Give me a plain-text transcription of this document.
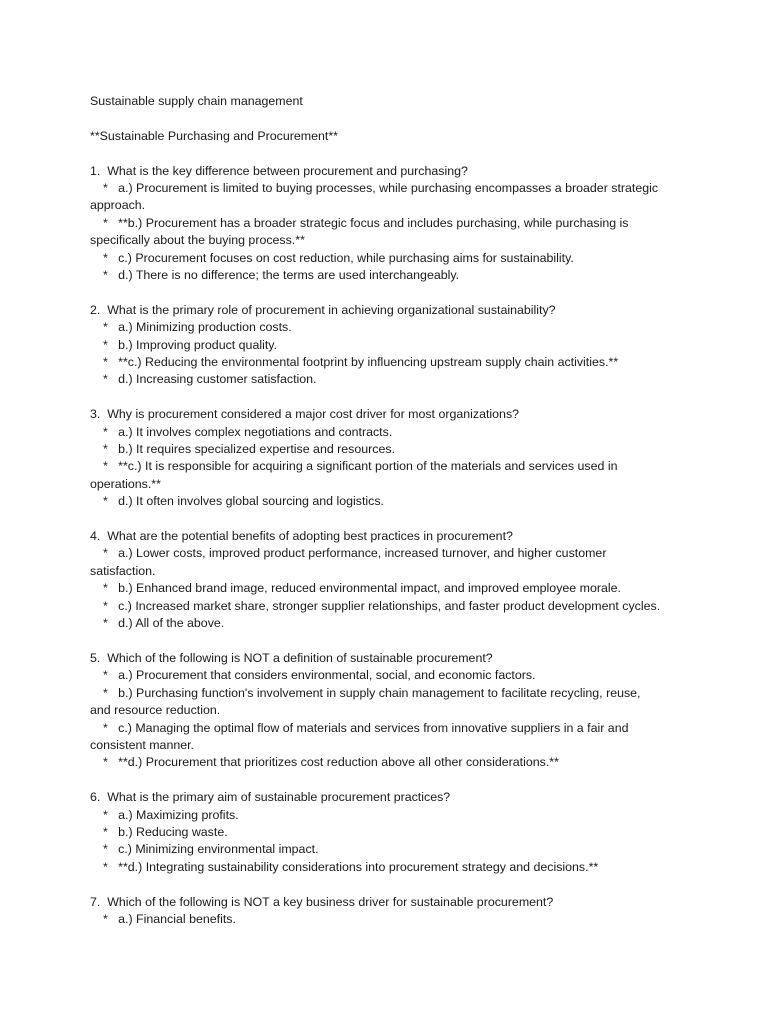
Sustainable supply chain management

**Sustainable Purchasing and Procurement**

1.  What is the key difference between procurement and purchasing?

*   a.) Procurement is limited to buying processes, while purchasing encompasses a broader strategic
approach.

*   **b.) Procurement has a broader strategic focus and includes purchasing, while purchasing is
specifically about the buying process.**

*   c.) Procurement focuses on cost reduction, while purchasing aims for sustainability.

*   d.) There is no difference; the terms are used interchangeably.

2.  What is the primary role of procurement in achieving organizational sustainability?

*   a.) Minimizing production costs.

*   b.) Improving product quality.

*   **c.) Reducing the environmental footprint by influencing upstream supply chain activities.**

*   d.) Increasing customer satisfaction.

3.  Why is procurement considered a major cost driver for most organizations?

*   a.) It involves complex negotiations and contracts.

*   b.) It requires specialized expertise and resources.

*   **c.) It is responsible for acquiring a significant portion of the materials and services used in
operations.**

*   d.) It often involves global sourcing and logistics.

4.  What are the potential benefits of adopting best practices in procurement?

*   a.) Lower costs, improved product performance, increased turnover, and higher customer
satisfaction.

*   b.) Enhanced brand image, reduced environmental impact, and improved employee morale.

*   c.) Increased market share, stronger supplier relationships, and faster product development cycles.

*   d.) All of the above.

5.  Which of the following is NOT a definition of sustainable procurement?

*   a.) Procurement that considers environmental, social, and economic factors.

*   b.) Purchasing function's involvement in supply chain management to facilitate recycling, reuse,
and resource reduction.

*   c.) Managing the optimal flow of materials and services from innovative suppliers in a fair and
consistent manner.

*   **d.) Procurement that prioritizes cost reduction above all other considerations.**

6.  What is the primary aim of sustainable procurement practices?

*   a.) Maximizing profits.

*   b.) Reducing waste.

*   c.) Minimizing environmental impact.

*   **d.) Integrating sustainability considerations into procurement strategy and decisions.**

7.  Which of the following is NOT a key business driver for sustainable procurement?

*   a.) Financial benefits.
